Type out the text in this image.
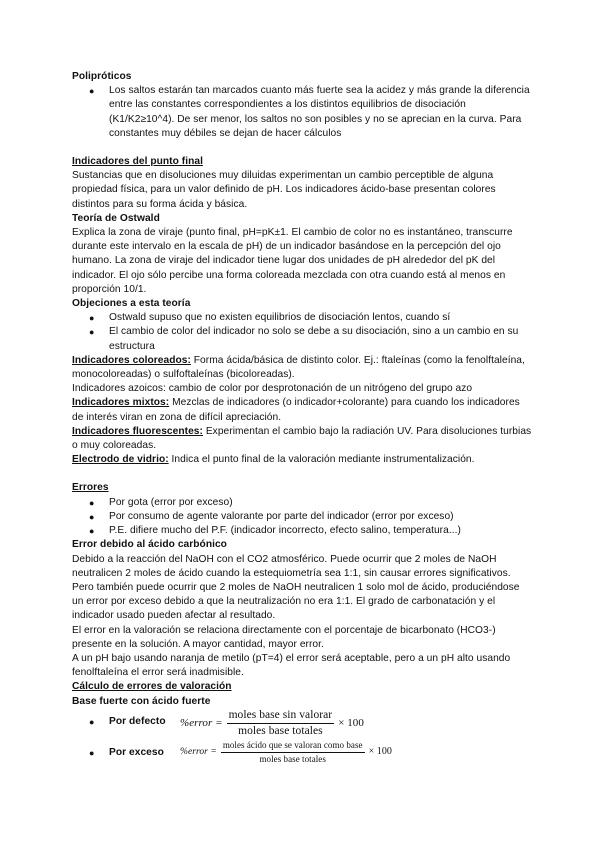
Polipróticos

● Los saltos estarán tan marcados cuanto más fuerte sea la acidez y más grande la diferencia entre las constantes correspondientes a los distintos equilibrios de disociación (K1/K2≥10^4). De ser menor, los saltos no son posibles y no se aprecian en la curva. Para constantes muy débiles se dejan de hacer cálculos

Indicadores del punto final

Sustancias que en disoluciones muy diluidas experimentan un cambio perceptible de alguna propiedad física, para un valor definido de pH. Los indicadores ácido-base presentan colores distintos para su forma ácida y básica.

Teoría de Ostwald

Explica la zona de viraje (punto final, pH=pK±1. El cambio de color no es instantáneo, transcurre durante este intervalo en la escala de pH) de un indicador basándose en la percepción del ojo humano. La zona de viraje del indicador tiene lugar dos unidades de pH alrededor del pK del indicador. El ojo sólo percibe una forma coloreada mezclada con otra cuando está al menos en proporción 10/1.

Objeciones a esta teoría

● Ostwald supuso que no existen equilibrios de disociación lentos, cuando sí
● El cambio de color del indicador no solo se debe a su disociación, sino a un cambio en su estructura

Indicadores coloreados: Forma ácida/básica de distinto color. Ej.: ftaleínas (como la fenolftaleína, monocoloreadas) o sulfoftaleínas (bicoloreadas).

Indicadores azoicos: cambio de color por desprotonación de un nitrógeno del grupo azo

Indicadores mixtos: Mezclas de indicadores (o indicador+colorante) para cuando los indicadores de interés viran en zona de difícil apreciación.

Indicadores fluorescentes: Experimentan el cambio bajo la radiación UV. Para disoluciones turbias o muy coloreadas.

Electrodo de vidrio: Indica el punto final de la valoración mediante instrumentalización.

Errores

● Por gota (error por exceso)
● Por consumo de agente valorante por parte del indicador (error por exceso)
● P.E. difiere mucho del P.F. (indicador incorrecto, efecto salino, temperatura...)

Error debido al ácido carbónico

Debido a la reacción del NaOH con el CO2 atmosférico. Puede ocurrir que 2 moles de NaOH neutralicen 2 moles de ácido cuando la estequiometría sea 1:1, sin causar errores significativos. Pero también puede ocurrir que 2 moles de NaOH neutralicen 1 solo mol de ácido, produciéndose un error por exceso debido a que la neutralización no era 1:1. El grado de carbonatación y el indicador usado pueden afectar al resultado.

El error en la valoración se relaciona directamente con el porcentaje de bicarbonato (HCO3-) presente en la solución. A mayor cantidad, mayor error.

A un pH bajo usando naranja de metilo (pT=4) el error será aceptable, pero a un pH alto usando fenolftaleína el error será inadmisible.

Cálculo de errores de valoración

Base fuerte con ácido fuerte

● Por defecto %error = $\frac{\text{moles base sin valorar}}{\text{moles base totales}} \times 100$
● Por exceso %error = $\frac{\text{moles ácido que se valoran como base}}{\text{moles base totales}} \times 100$
